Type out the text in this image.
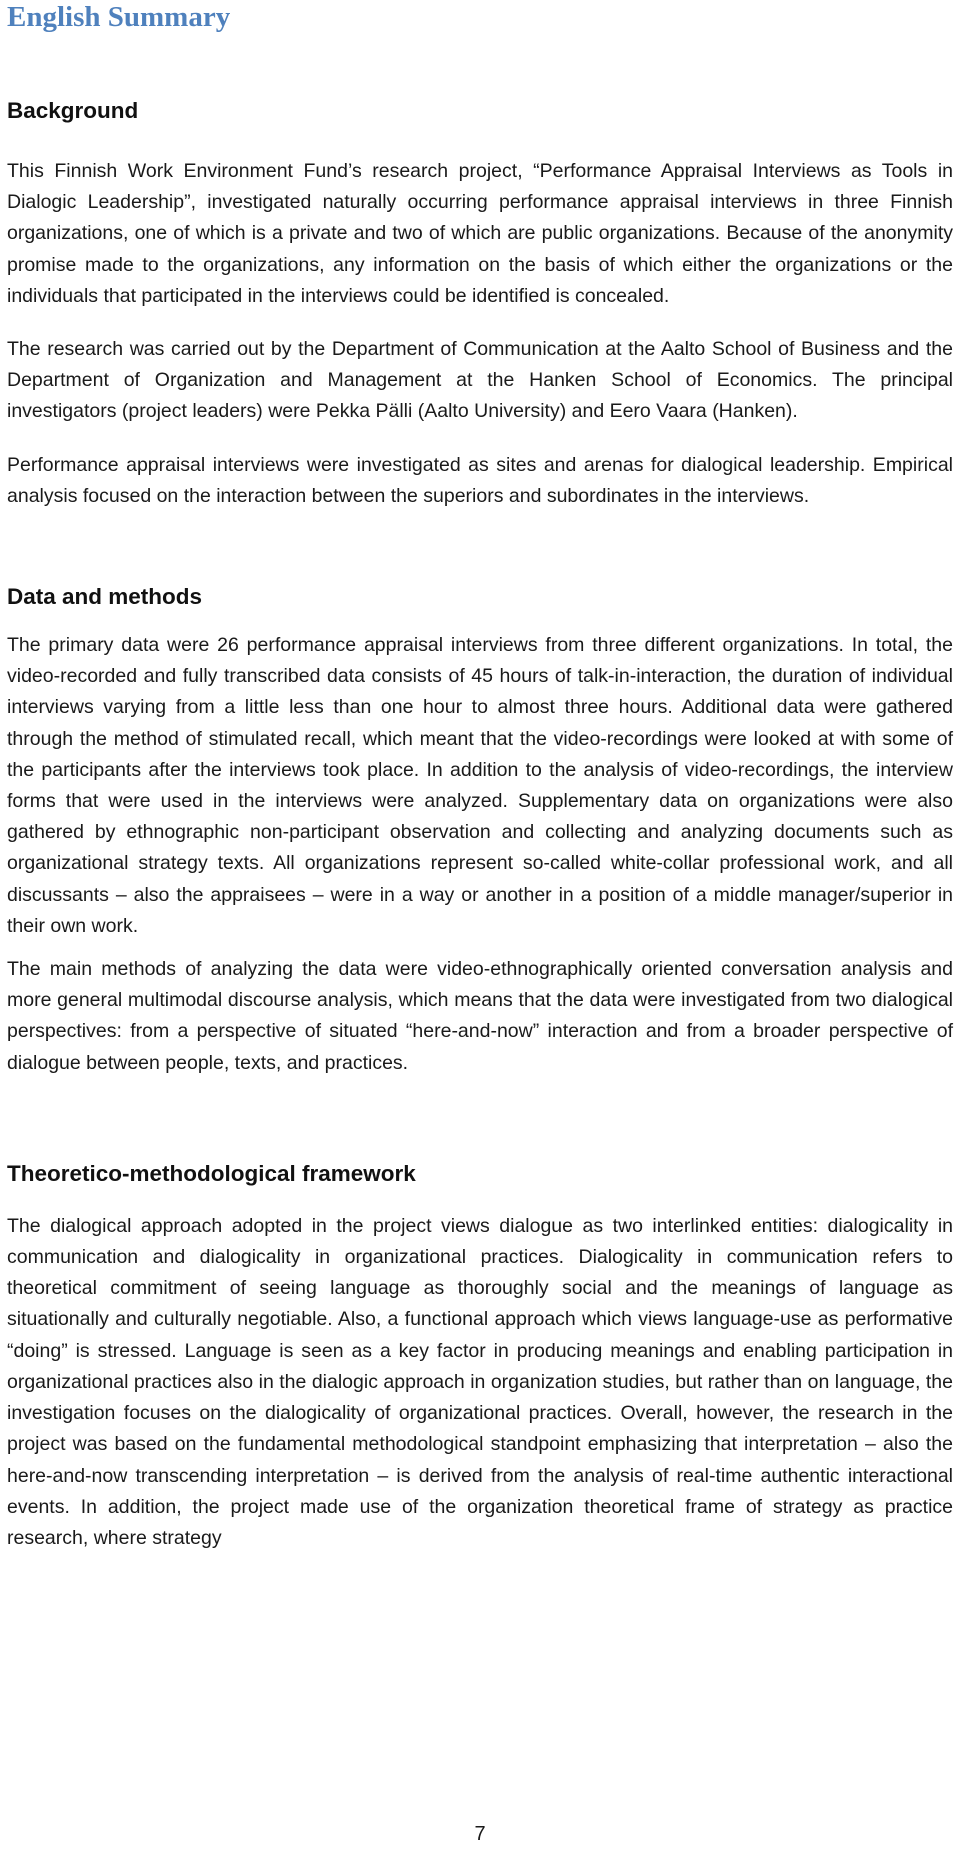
English Summary
Background

This Finnish Work Environment Fund’s research project, “Performance Appraisal Interviews as Tools in Dialogic Leadership”, investigated naturally occurring performance appraisal interviews in three Finnish organizations, one of which is a private and two of which are public organizations. Because of the anonymity promise made to the organizations, any information on the basis of which either the organizations or the individuals that participated in the interviews could be identified is concealed.

The research was carried out by the Department of Communication at the Aalto School of Business and the Department of Organization and Management at the Hanken School of Economics. The principal investigators (project leaders) were Pekka Pälli (Aalto University) and Eero Vaara (Hanken).

Performance appraisal interviews were investigated as sites and arenas for dialogical leadership. Empirical analysis focused on the interaction between the superiors and subordinates in the interviews.

Data and methods

The primary data were 26 performance appraisal interviews from three different organizations. In total, the video-recorded and fully transcribed data consists of 45 hours of talk-in-interaction, the duration of individual interviews varying from a little less than one hour to almost three hours. Additional data were gathered through the method of stimulated recall, which meant that the video-recordings were looked at with some of the participants after the interviews took place. In addition to the analysis of video-recordings, the interview forms that were used in the interviews were analyzed. Supplementary data on organizations were also gathered by ethnographic non-participant observation and collecting and analyzing documents such as organizational strategy texts. All organizations represent so-called white-collar professional work, and all discussants – also the appraisees – were in a way or another in a position of a middle manager/superior in their own work.

The main methods of analyzing the data were video-ethnographically oriented conversation analysis and more general multimodal discourse analysis, which means that the data were investigated from two dialogical perspectives: from a perspective of situated “here-and-now” interaction and from a broader perspective of dialogue between people, texts, and practices.

Theoretico-methodological framework

The dialogical approach adopted in the project views dialogue as two interlinked entities: dialogicality in communication and dialogicality in organizational practices. Dialogicality in communication refers to theoretical commitment of seeing language as thoroughly social and the meanings of language as situationally and culturally negotiable. Also, a functional approach which views language-use as performative “doing” is stressed. Language is seen as a key factor in producing meanings and enabling participation in organizational practices also in the dialogic approach in organization studies, but rather than on language, the investigation focuses on the dialogicality of organizational practices. Overall, however, the research in the project was based on the fundamental methodological standpoint emphasizing that interpretation – also the here-and-now transcending interpretation – is derived from the analysis of real-time authentic interactional events. In addition, the project made use of the organization theoretical frame of strategy as practice research, where strategy

7
